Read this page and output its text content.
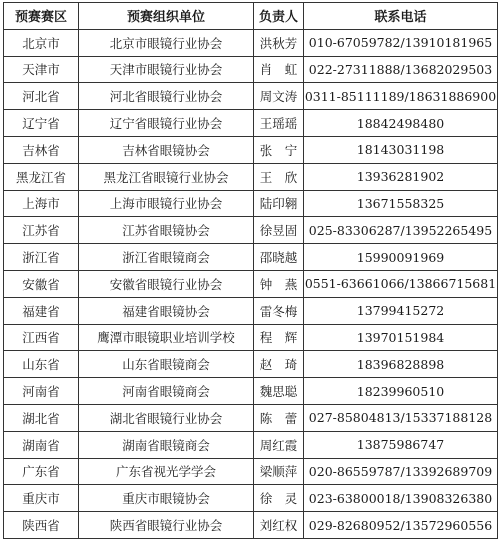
预赛赛区	预赛组织单位	负责人	联系电话
北京市	北京市眼镜行业协会	洪秋芳	010-67059782/13910181965
天津市	天津市眼镜行业协会	肖　虹	022-27311888/13682029503
河北省	河北省眼镜行业协会	周文涛	0311-85111189/18631886900
辽宁省	辽宁省眼镜行业协会	王瑶瑶	18842498480
吉林省	吉林省眼镜协会	张　宁	18143031198
黑龙江省	黑龙江省眼镜行业协会	王　欣	13936281902
上海市	上海市眼镜行业协会	陆印翱	13671558325
江苏省	江苏省眼镜协会	徐昱固	025-83306287/13952265495
浙江省	浙江省眼镜商会	邵晓越	15990091969
安徽省	安徽省眼镜行业协会	钟　燕	0551-63661066/13866715681
福建省	福建省眼镜协会	雷冬梅	13799415272
江西省	鹰潭市眼镜职业培训学校	程　辉	13970151984
山东省	山东省眼镜商会	赵　琦	18396828898
河南省	河南省眼镜商会	魏思聪	18239960510
湖北省	湖北省眼镜行业协会	陈　蕾	027-85804813/15337188128
湖南省	湖南省眼镜商会	周红霞	13875986747
广东省	广东省视光学学会	梁顺萍	020-86559787/13392689709
重庆市	重庆市眼镜协会	徐　灵	023-63800018/13908326380
陕西省	陕西省眼镜行业协会	刘红权	029-82680952/13572960556
